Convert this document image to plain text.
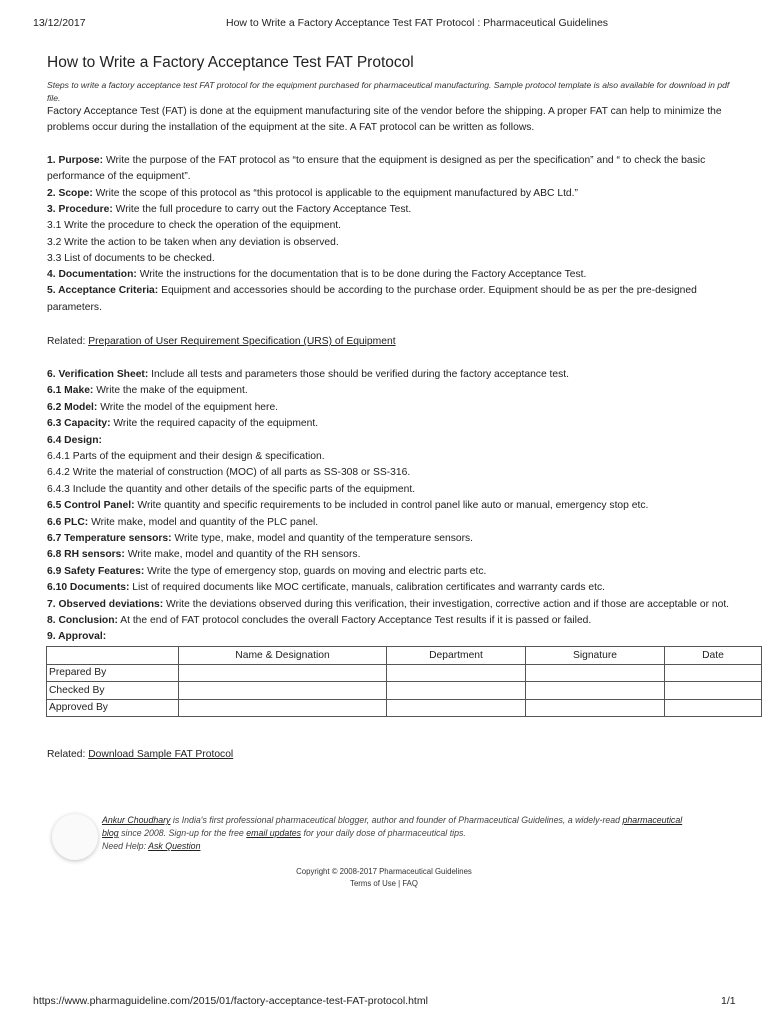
13/12/2017	How to Write a Factory Acceptance Test FAT Protocol : Pharmaceutical Guidelines
How to Write a Factory Acceptance Test FAT Protocol
Steps to write a factory acceptance test FAT protocol for the equipment purchased for pharmaceutical manufacturing. Sample protocol template is also available for download in pdf file.
Factory Acceptance Test (FAT) is done at the equipment manufacturing site of the vendor before the shipping. A proper FAT can help to minimize the
problems occur during the installation of the equipment at the site. A FAT protocol can be written as follows.
1. Purpose: Write the purpose of the FAT protocol as “to ensure that the equipment is designed as per the specification” and “ to check the basic
performance of the equipment”.
2. Scope: Write the scope of this protocol as “this protocol is applicable to the equipment manufactured by ABC Ltd.”
3. Procedure: Write the full procedure to carry out the Factory Acceptance Test.
3.1 Write the procedure to check the operation of the equipment.
3.2 Write the action to be taken when any deviation is observed.
3.3 List of documents to be checked.
4. Documentation: Write the instructions for the documentation that is to be done during the Factory Acceptance Test.
5. Acceptance Criteria: Equipment and accessories should be according to the purchase order. Equipment should be as per the pre-designed
parameters.
Related: Preparation of User Requirement Specification (URS) of Equipment
6. Verification Sheet: Include all tests and parameters those should be verified during the factory acceptance test.
6.1 Make: Write the make of the equipment.
6.2 Model: Write the model of the equipment here.
6.3 Capacity: Write the required capacity of the equipment.
6.4 Design:
6.4.1 Parts of the equipment and their design & specification.
6.4.2 Write the material of construction (MOC) of all parts as SS-308 or SS-316.
6.4.3 Include the quantity and other details of the specific parts of the equipment.
6.5 Control Panel: Write quantity and specific requirements to be included in control panel like auto or manual, emergency stop etc.
6.6 PLC: Write make, model and quantity of the PLC panel.
6.7 Temperature sensors: Write type, make, model and quantity of the temperature sensors.
6.8 RH sensors: Write make, model and quantity of the RH sensors.
6.9 Safety Features: Write the type of emergency stop, guards on moving and electric parts etc.
6.10 Documents: List of required documents like MOC certificate, manuals, calibration certificates and warranty cards etc.
7. Observed deviations: Write the deviations observed during this verification, their investigation, corrective action and if those are acceptable or not.
8. Conclusion: At the end of FAT protocol concludes the overall Factory Acceptance Test results if it is passed or failed.
9. Approval:
	Name & Designation	Department	Signature	Date
Prepared By				
Checked By				
Approved By				
Related: Download Sample FAT Protocol
Ankur Choudhary is India's first professional pharmaceutical blogger, author and founder of Pharmaceutical Guidelines, a widely-read pharmaceutical
blog since 2008. Sign-up for the free email updates for your daily dose of pharmaceutical tips.
Need Help: Ask Question
Copyright © 2008-2017 Pharmaceutical Guidelines
Terms of Use | FAQ
https://www.pharmaguideline.com/2015/01/factory-acceptance-test-FAT-protocol.html	1/1
